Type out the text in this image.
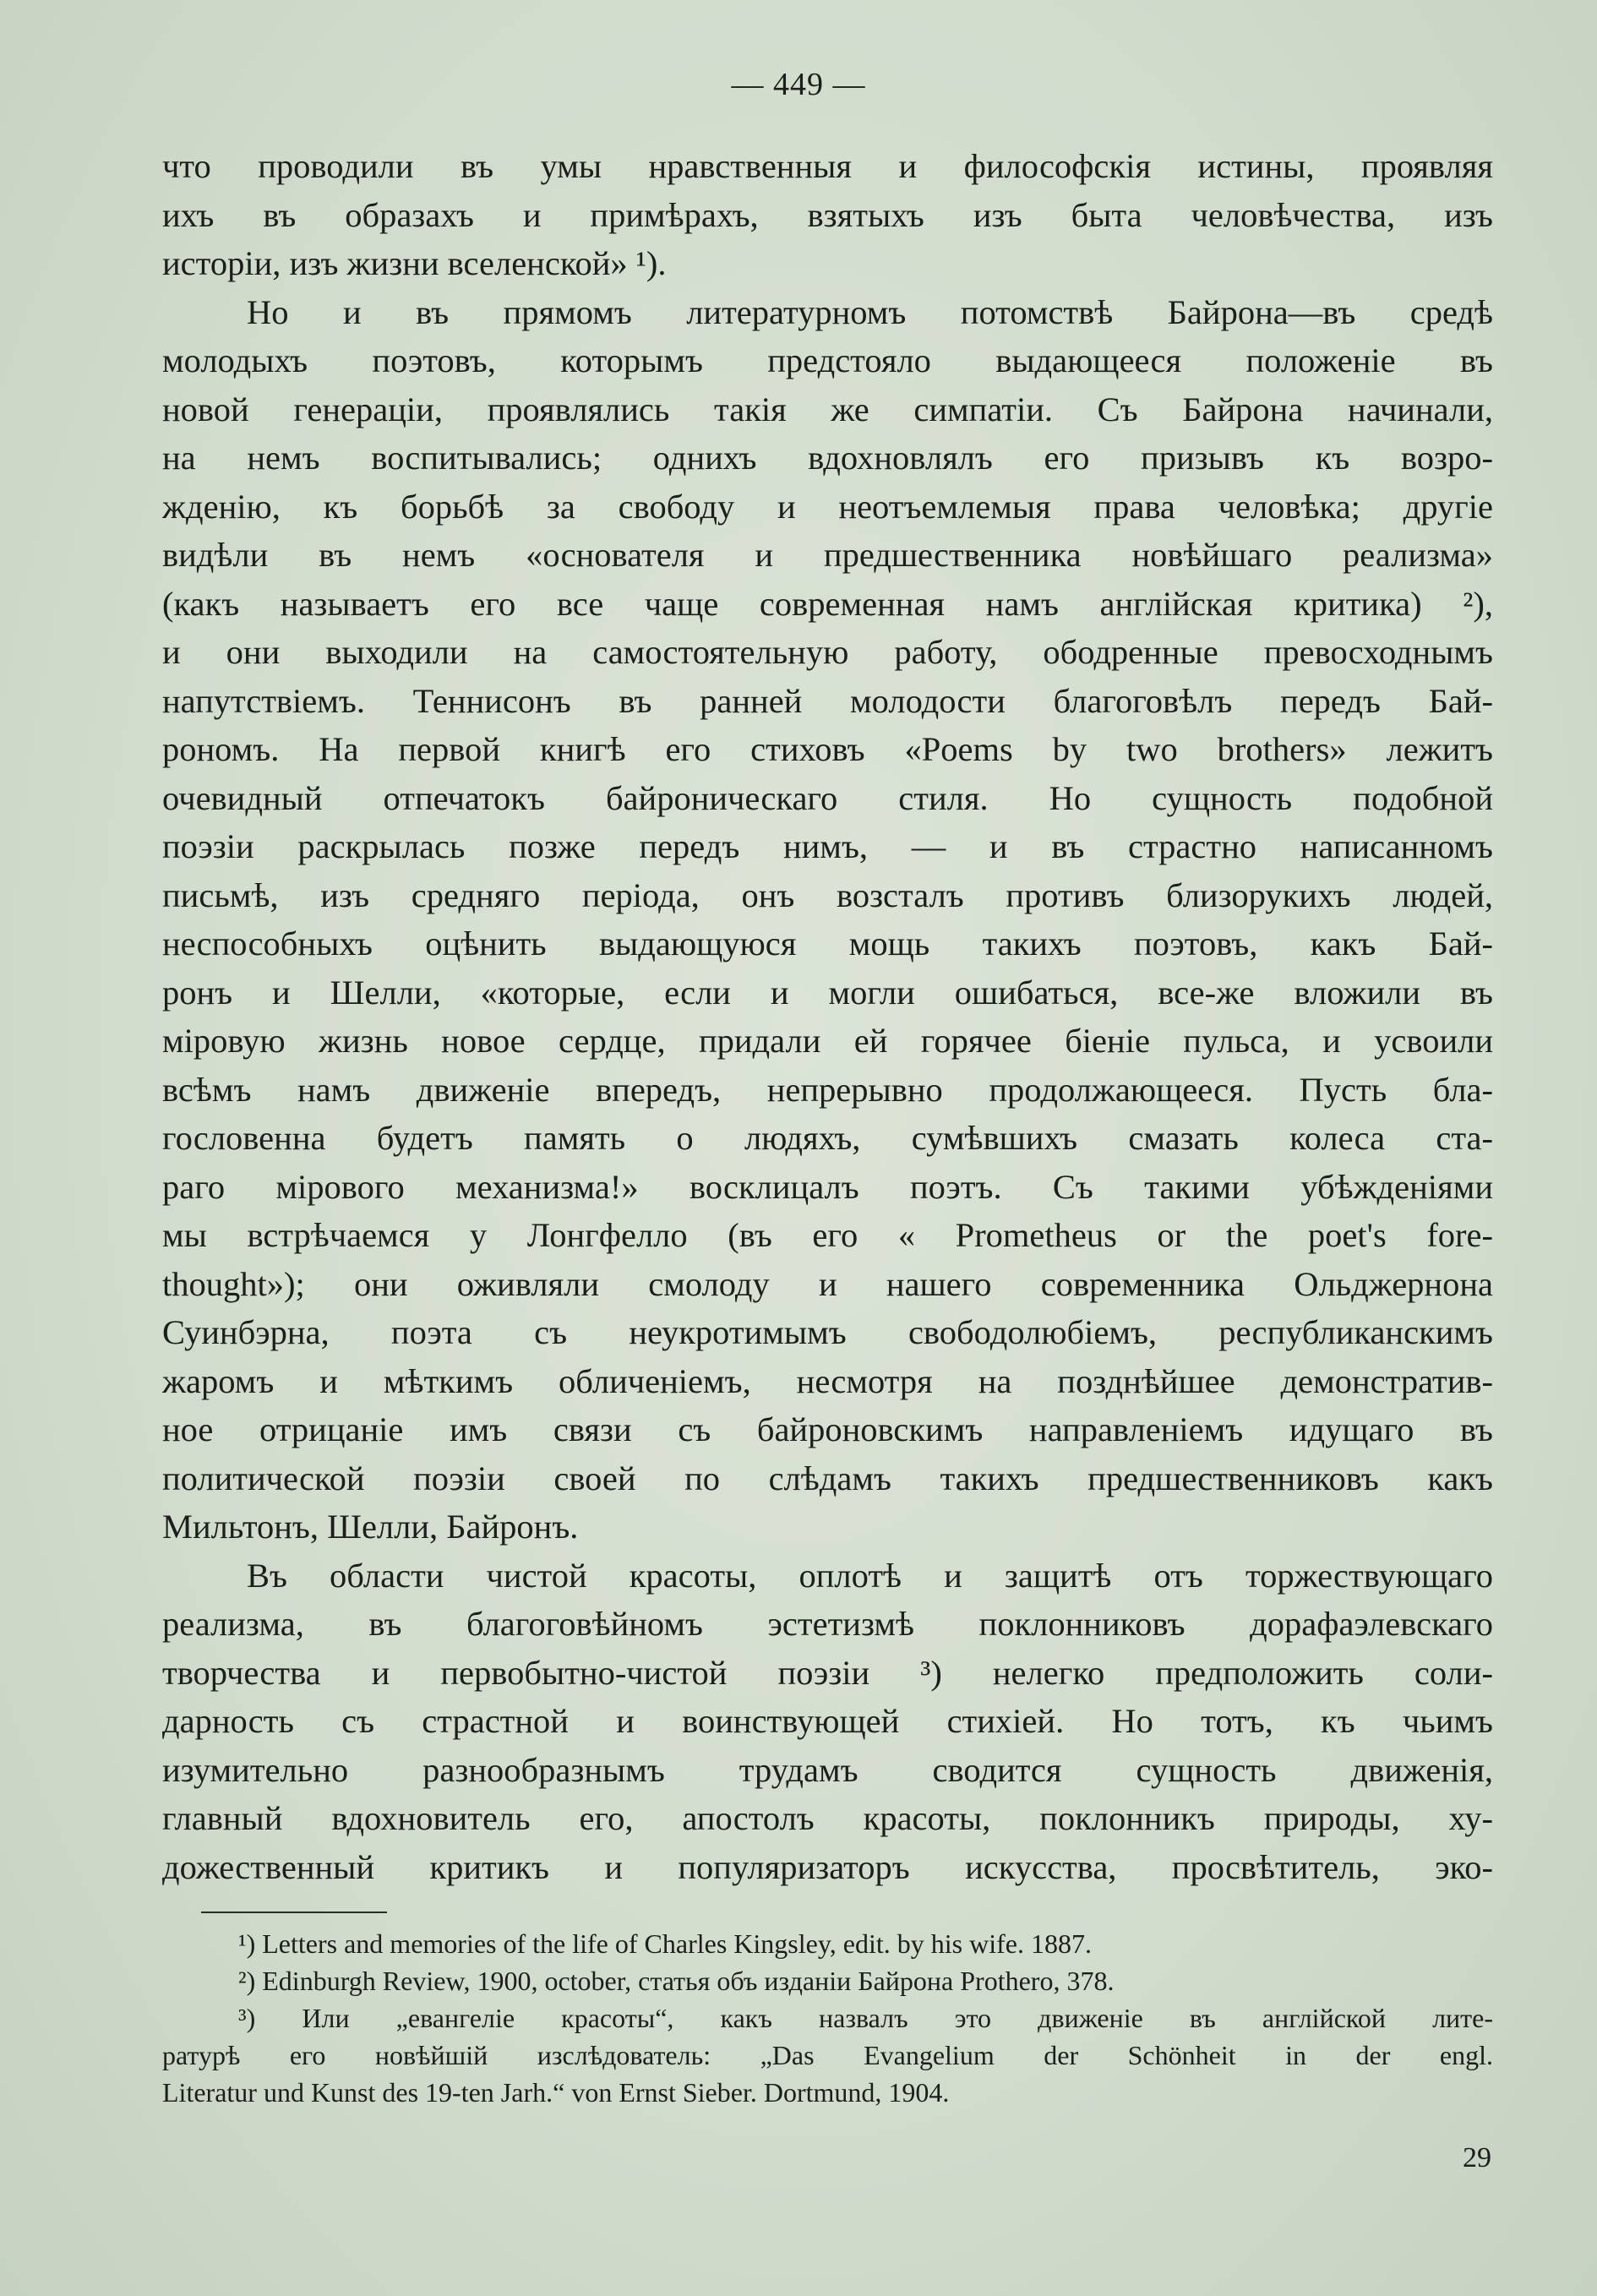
— 449 —
что проводили въ умы нравственныя и философскія истины, проявляя
ихъ въ образахъ и примѣрахъ, взятыхъ изъ быта человѣчества, изъ
исторіи, изъ жизни вселенской» ¹).
Но и въ прямомъ литературномъ потомствѣ Байрона—въ средѣ
молодыхъ поэтовъ, которымъ предстояло выдающееся положеніе въ
новой генераціи, проявлялись такія же симпатіи. Съ Байрона начинали,
на немъ воспитывались; однихъ вдохновлялъ его призывъ къ возро-
жденію, къ борьбѣ за свободу и неотъемлемыя права человѣка; другіе
видѣли въ немъ «основателя и предшественника новѣйшаго реализма»
(какъ называетъ его все чаще современная намъ англійская критика) ²),
и они выходили на самостоятельную работу, ободренные превосходнымъ
напутствіемъ. Теннисонъ въ ранней молодости благоговѣлъ передъ Бай-
рономъ. На первой книгѣ его стиховъ «Poems by two brothers» лежитъ
очевидный отпечатокъ байроническаго стиля. Но сущность подобной
поэзіи раскрылась позже передъ нимъ, — и въ страстно написанномъ
письмѣ, изъ средняго періода, онъ возсталъ противъ близорукихъ людей,
неспособныхъ оцѣнить выдающуюся мощь такихъ поэтовъ, какъ Бай-
ронъ и Шелли, «которые, если и могли ошибаться, все-же вложили въ
міровую жизнь новое сердце, придали ей горячее біеніе пульса, и усвоили
всѣмъ намъ движеніе впередъ, непрерывно продолжающееся. Пусть бла-
гословенна будетъ память о людяхъ, сумѣвшихъ смазать колеса ста-
раго мірового механизма!» восклицалъ поэтъ. Съ такими убѣжденіями
мы встрѣчаемся у Лонгфелло (въ его « Prometheus or the poet's fore-
thought»); они оживляли смолоду и нашего современника Ольджернона
Суинбэрна, поэта съ неукротимымъ свободолюбіемъ, республиканскимъ
жаромъ и мѣткимъ обличеніемъ, несмотря на позднѣйшее демонстратив-
ное отрицаніе имъ связи съ байроновскимъ направленіемъ идущаго въ
политической поэзіи своей по слѣдамъ такихъ предшественниковъ какъ
Мильтонъ, Шелли, Байронъ.
Въ области чистой красоты, оплотѣ и защитѣ отъ торжествующаго
реализма, въ благоговѣйномъ эстетизмѣ поклонниковъ дорафаэлевскаго
творчества и первобытно-чистой поэзіи ³) нелегко предположить соли-
дарность съ страстной и воинствующей стихіей. Но тотъ, къ чьимъ
изумительно разнообразнымъ трудамъ сводится сущность движенія,
главный вдохновитель его, апостолъ красоты, поклонникъ природы, ху-
дожественный критикъ и популяризаторъ искусства, просвѣтитель, эко-
¹) Letters and memories of the life of Charles Kingsley, edit. by his wife. 1887.
²) Edinburgh Review, 1900, october, статья объ изданіи Байрона Prothero, 378.
³) Или „евангеліе красоты“, какъ назвалъ это движеніе въ англійской лите-
ратурѣ его новѣйшій изслѣдователь: „Das Evangelium der Schönheit in der engl.
Literatur und Kunst des 19-ten Jarh.“ von Ernst Sieber. Dortmund, 1904.
29
